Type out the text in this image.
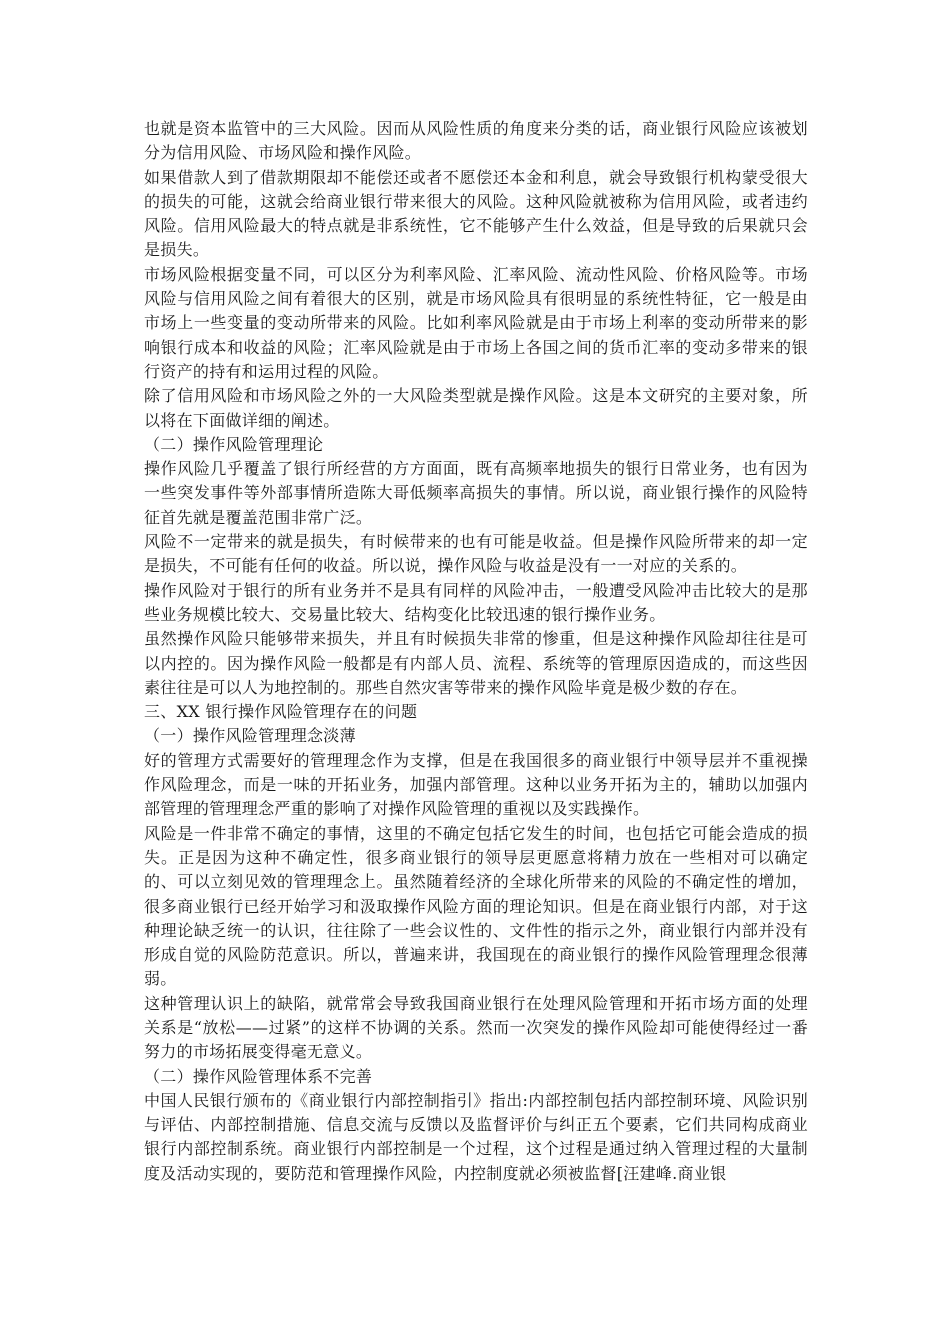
也就是资本监管中的三大风险。因而从风险性质的角度来分类的话，商业银行风险应该被划分为信用风险、市场风险和操作风险。

如果借款人到了借款期限却不能偿还或者不愿偿还本金和利息，就会导致银行机构蒙受很大的损失的可能，这就会给商业银行带来很大的风险。这种风险就被称为信用风险，或者违约风险。信用风险最大的特点就是非系统性，它不能够产生什么效益，但是导致的后果就只会是损失。

市场风险根据变量不同，可以区分为利率风险、汇率风险、流动性风险、价格风险等。市场风险与信用风险之间有着很大的区别，就是市场风险具有很明显的系统性特征，它一般是由市场上一些变量的变动所带来的风险。比如利率风险就是由于市场上利率的变动所带来的影响银行成本和收益的风险；汇率风险就是由于市场上各国之间的货币汇率的变动多带来的银行资产的持有和运用过程的风险。

除了信用风险和市场风险之外的一大风险类型就是操作风险。这是本文研究的主要对象，所以将在下面做详细的阐述。

（二）操作风险管理理论

操作风险几乎覆盖了银行所经营的方方面面，既有高频率地损失的银行日常业务，也有因为一些突发事件等外部事情所造陈大哥低频率高损失的事情。所以说，商业银行操作的风险特征首先就是覆盖范围非常广泛。

风险不一定带来的就是损失，有时候带来的也有可能是收益。但是操作风险所带来的却一定是损失，不可能有任何的收益。所以说，操作风险与收益是没有一一对应的关系的。

操作风险对于银行的所有业务并不是具有同样的风险冲击，一般遭受风险冲击比较大的是那些业务规模比较大、交易量比较大、结构变化比较迅速的银行操作业务。

虽然操作风险只能够带来损失，并且有时候损失非常的惨重，但是这种操作风险却往往是可以内控的。因为操作风险一般都是有内部人员、流程、系统等的管理原因造成的，而这些因素往往是可以人为地控制的。那些自然灾害等带来的操作风险毕竟是极少数的存在。

三、XX 银行操作风险管理存在的问题

（一）操作风险管理理念淡薄

好的管理方式需要好的管理理念作为支撑，但是在我国很多的商业银行中领导层并不重视操作风险理念，而是一味的开拓业务，加强内部管理。这种以业务开拓为主的，辅助以加强内部管理的管理理念严重的影响了对操作风险管理的重视以及实践操作。

风险是一件非常不确定的事情，这里的不确定包括它发生的时间，也包括它可能会造成的损失。正是因为这种不确定性，很多商业银行的领导层更愿意将精力放在一些相对可以确定的、可以立刻见效的管理理念上。虽然随着经济的全球化所带来的风险的不确定性的增加，很多商业银行已经开始学习和汲取操作风险方面的理论知识。但是在商业银行内部，对于这种理论缺乏统一的认识，往往除了一些会议性的、文件性的指示之外，商业银行内部并没有形成自觉的风险防范意识。所以，普遍来讲，我国现在的商业银行的操作风险管理理念很薄弱。

这种管理认识上的缺陷，就常常会导致我国商业银行在处理风险管理和开拓市场方面的处理关系是“放松——过紧”的这样不协调的关系。然而一次突发的操作风险却可能使得经过一番努力的市场拓展变得毫无意义。

（二）操作风险管理体系不完善

中国人民银行颁布的《商业银行内部控制指引》指出:内部控制包括内部控制环境、风险识别与评估、内部控制措施、信息交流与反馈以及监督评价与纠正五个要素，它们共同构成商业银行内部控制系统。商业银行内部控制是一个过程，这个过程是通过纳入管理过程的大量制度及活动实现的，要防范和管理操作风险，内控制度就必须被监督[汪建峰.商业银
